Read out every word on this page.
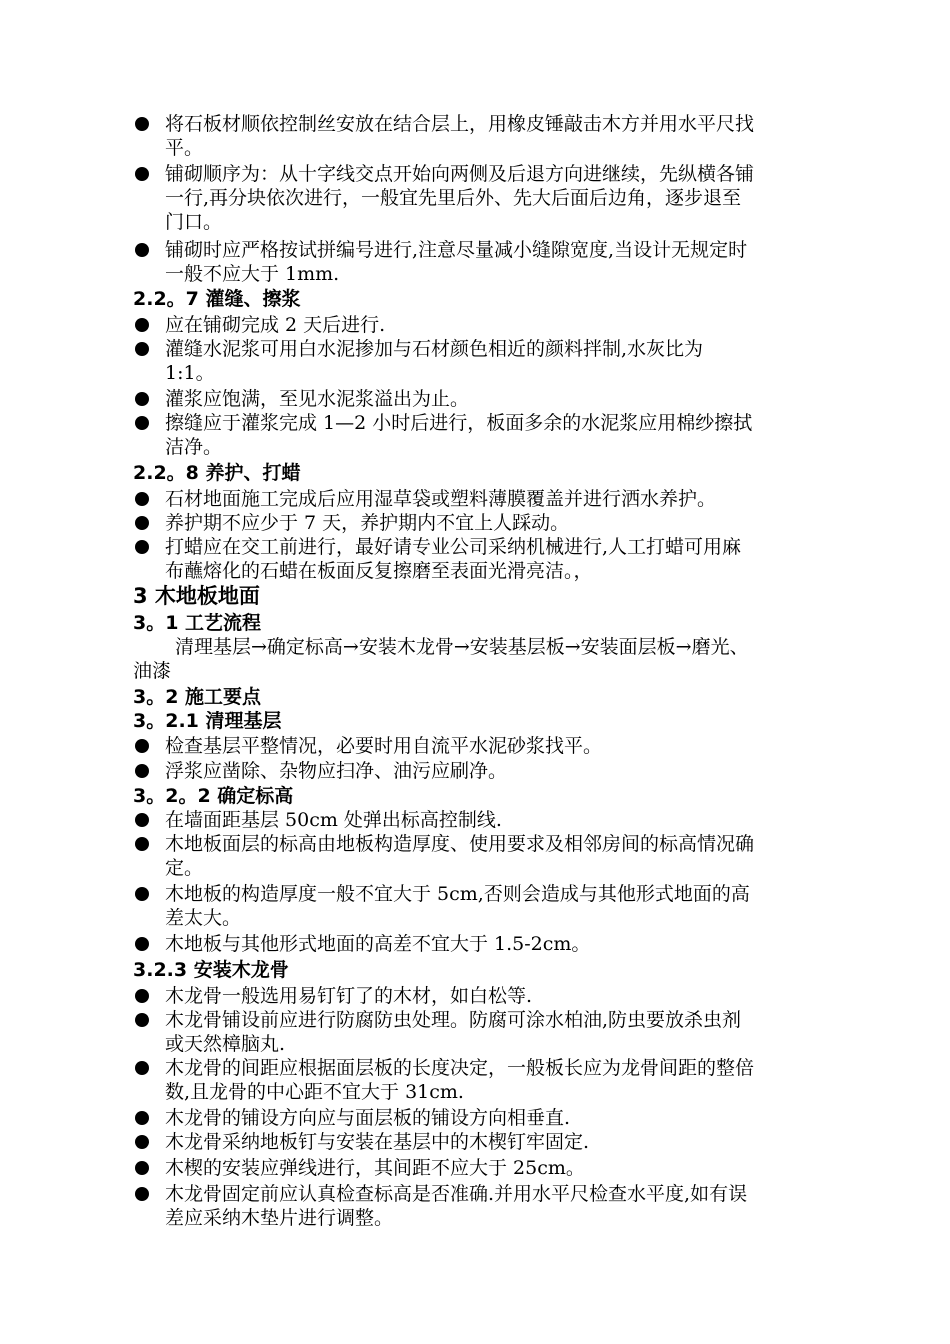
将石板材顺依控制丝安放在结合层上，用橡皮锤敲击木方并用水平尺找
平。
铺砌顺序为：从十字线交点开始向两侧及后退方向进继续，先纵横各铺
一行,再分块依次进行，一般宜先里后外、先大后面后边角，逐步退至
门口。
铺砌时应严格按试拼编号进行,注意尽量减小缝隙宽度,当设计无规定时
一般不应大于 1mm.
2.2。7 灌缝、擦浆
应在铺砌完成 2 天后进行.
灌缝水泥浆可用白水泥掺加与石材颜色相近的颜料拌制,水灰比为
1:1。
灌浆应饱满，至见水泥浆溢出为止。
擦缝应于灌浆完成 1—2 小时后进行，板面多余的水泥浆应用棉纱擦拭
洁净。
2.2。8 养护、打蜡
石材地面施工完成后应用湿草袋或塑料薄膜覆盖并进行洒水养护。
养护期不应少于 7 天，养护期内不宜上人踩动。
打蜡应在交工前进行，最好请专业公司采纳机械进行,人工打蜡可用麻
布蘸熔化的石蜡在板面反复擦磨至表面光滑亮洁。，
3 木地板地面
3。1 工艺流程
清理基层→确定标高→安装木龙骨→安装基层板→安装面层板→磨光、
油漆
3。2 施工要点
3。2.1 清理基层
检查基层平整情况，必要时用自流平水泥砂浆找平。
浮浆应凿除、杂物应扫净、油污应刷净。
3。2。2 确定标高
在墙面距基层 50cm 处弹出标高控制线.
木地板面层的标高由地板构造厚度、使用要求及相邻房间的标高情况确
定。
木地板的构造厚度一般不宜大于 5cm,否则会造成与其他形式地面的高
差太大。
木地板与其他形式地面的高差不宜大于 1.5-2cm。
3.2.3 安装木龙骨
木龙骨一般选用易钉钉了的木材，如白松等.
木龙骨铺设前应进行防腐防虫处理。防腐可涂水柏油,防虫要放杀虫剂
或天然樟脑丸.
木龙骨的间距应根据面层板的长度决定，一般板长应为龙骨间距的整倍
数,且龙骨的中心距不宜大于 31cm.
木龙骨的铺设方向应与面层板的铺设方向相垂直.
木龙骨采纳地板钉与安装在基层中的木楔钉牢固定.
木楔的安装应弹线进行，其间距不应大于 25cm。
木龙骨固定前应认真检查标高是否准确.并用水平尺检查水平度,如有误
差应采纳木垫片进行调整。
